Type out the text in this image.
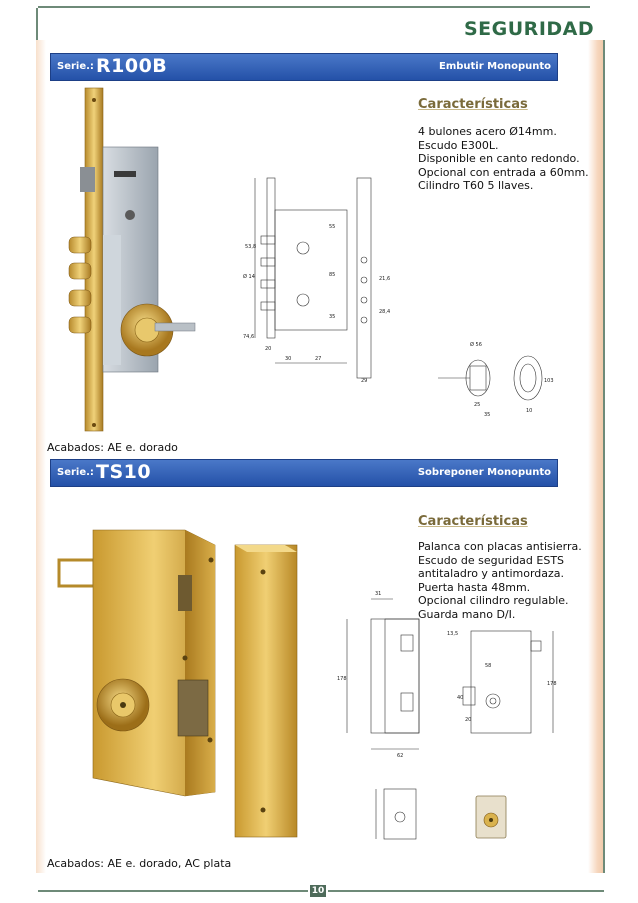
SEGURIDAD
Serie.: R100B	Embutir Monopunto
53,8
Ø 14
74,6
55
85
35
20
30	27
21,6
28,4
29
Ø 56
25
35
10
103
Características
4 bulones acero Ø14mm.
Escudo E300L.
Disponible en canto redondo.
Opcional con entrada a 60mm.
Cilindro T60 5 llaves.
Acabados: AE e. dorado
Serie.: TS10	Sobreponer Monopunto
178
31
62
178
13,5
58
40
20
Características
Palanca con placas antisierra.
Escudo de seguridad ESTS
antitaladro y antimordaza.
Puerta hasta 48mm.
Opcional cilindro regulable.
Guarda mano D/I.
Acabados: AE e. dorado, AC plata
10
